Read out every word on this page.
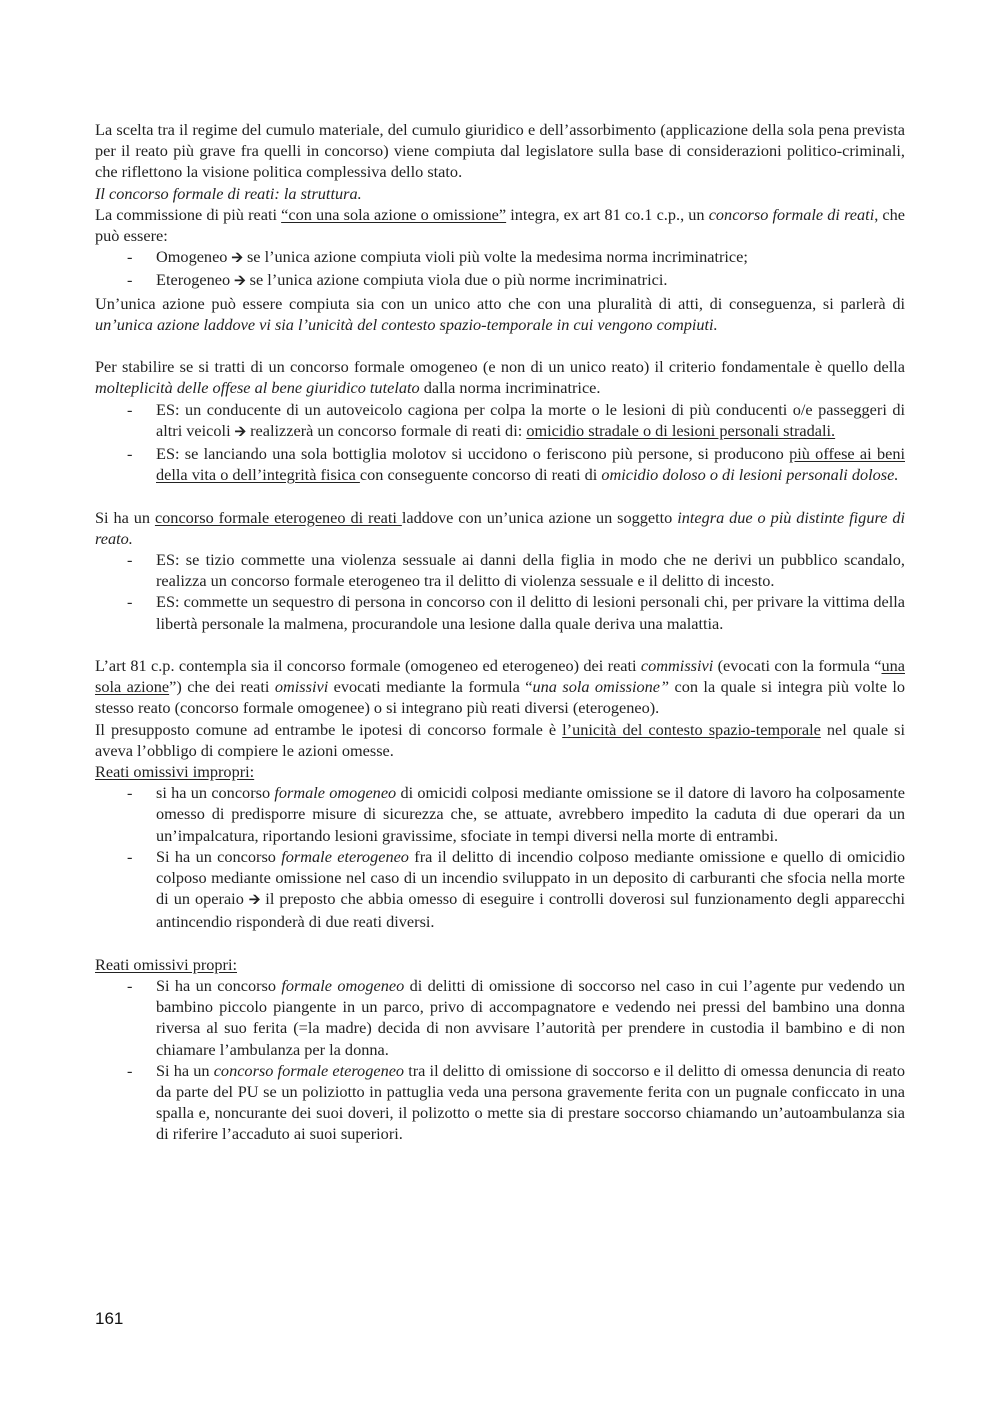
La scelta tra il regime del cumulo materiale, del cumulo giuridico e dell’assorbimento (applicazione della sola pena prevista per il reato più grave fra quelli in concorso) viene compiuta dal legislatore sulla base di considerazioni politico-criminali, che riflettono la visione politica complessiva dello stato.

Il concorso formale di reati: la struttura.

La commissione di più reati “con una sola azione o omissione” integra, ex art 81 co.1 c.p., un concorso formale di reati, che può essere:

- Omogeneo 🡪 se l’unica azione compiuta violi più volte la medesima norma incriminatrice;
- Eterogeneo 🡪 se l’unica azione compiuta viola due o più norme incriminatrici.

Un’unica azione può essere compiuta sia con un unico atto che con una pluralità di atti, di conseguenza, si parlerà di un’unica azione laddove vi sia l’unicità del contesto spazio-temporale in cui vengono compiuti.

Per stabilire se si tratti di un concorso formale omogeneo (e non di un unico reato) il criterio fondamentale è quello della molteplicità delle offese al bene giuridico tutelato dalla norma incriminatrice.

- ES: un conducente di un autoveicolo cagiona per colpa la morte o le lesioni di più conducenti o/e passeggeri di altri veicoli 🡪 realizzerà un concorso formale di reati di: omicidio stradale o di lesioni personali stradali.
- ES: se lanciando una sola bottiglia molotov si uccidono o feriscono più persone, si producono più offese ai beni della vita o dell’integrità fisica con conseguente concorso di reati di omicidio doloso o di lesioni personali dolose.

Si ha un concorso formale eterogeneo di reati laddove con un’unica azione un soggetto integra due o più distinte figure di reato.

- ES: se tizio commette una violenza sessuale ai danni della figlia in modo che ne derivi un pubblico scandalo, realizza un concorso formale eterogeneo tra il delitto di violenza sessuale e il delitto di incesto.
- ES: commette un sequestro di persona in concorso con il delitto di lesioni personali chi, per privare la vittima della libertà personale la malmena, procurandole una lesione dalla quale deriva una malattia.

L’art 81 c.p. contempla sia il concorso formale (omogeneo ed eterogeneo) dei reati commissivi (evocati con la formula “una sola azione”) che dei reati omissivi evocati mediante la formula “una sola omissione” con la quale si integra più volte lo stesso reato (concorso formale omogenee) o si integrano più reati diversi (eterogeneo).

Il presupposto comune ad entrambe le ipotesi di concorso formale è l’unicità del contesto spazio-temporale nel quale si aveva l’obbligo di compiere le azioni omesse.

Reati omissivi impropri:

- si ha un concorso formale omogeneo di omicidi colposi mediante omissione se il datore di lavoro ha colposamente omesso di predisporre misure di sicurezza che, se attuate, avrebbero impedito la caduta di due operari da un un’impalcatura, riportando lesioni gravissime, sfociate in tempi diversi nella morte di entrambi.
- Si ha un concorso formale eterogeneo fra il delitto di incendio colposo mediante omissione e quello di omicidio colposo mediante omissione nel caso di un incendio sviluppato in un deposito di carburanti che sfocia nella morte di un operaio 🡪 il preposto che abbia omesso di eseguire i controlli doverosi sul funzionamento degli apparecchi antincendio risponderà di due reati diversi.

Reati omissivi propri:

- Si ha un concorso formale omogeneo di delitti di omissione di soccorso nel caso in cui l’agente pur vedendo un bambino piccolo piangente in un parco, privo di accompagnatore e vedendo nei pressi del bambino una donna riversa al suo ferita (=la madre) decida di non avvisare l’autorità per prendere in custodia il bambino e di non chiamare l’ambulanza per la donna.
- Si ha un concorso formale eterogeneo tra il delitto di omissione di soccorso e il delitto di omessa denuncia di reato da parte del PU se un poliziotto in pattuglia veda una persona gravemente ferita con un pugnale conficcato in una spalla e, noncurante dei suoi doveri, il polizotto o mette sia di prestare soccorso chiamando un’autoambulanza sia di riferire l’accaduto ai suoi superiori.
161
